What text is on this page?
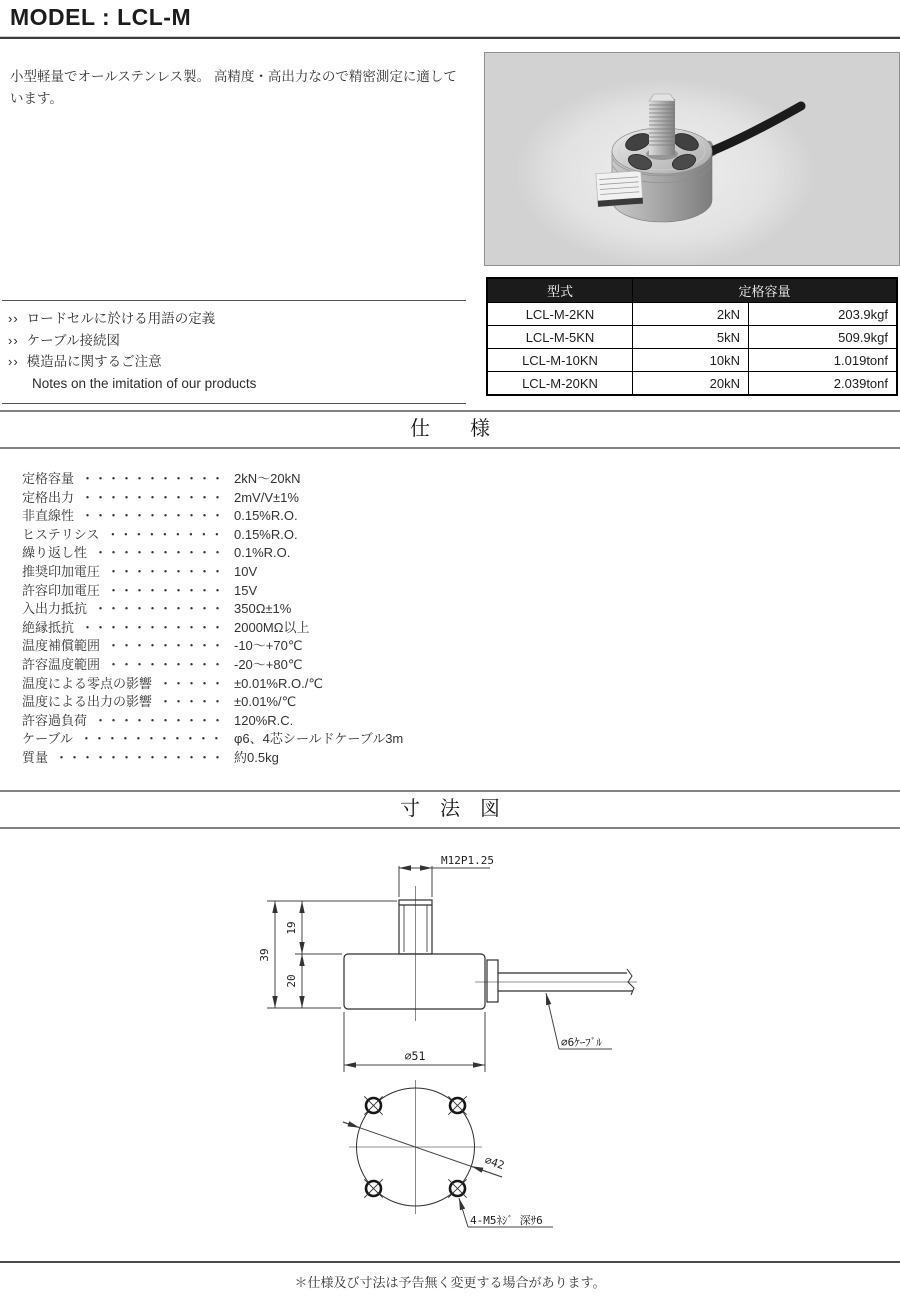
MODEL : LCL-M
小型軽量でオールステンレス製。 高精度・高出力なので精密測定に適しています。
›› ロードセルに於ける用語の定義
›› ケーブル接続図
›› 模造品に関するご注意
Notes on the imitation of our products
型式	定格容量	
LCL-M-2KN	2kN	203.9kgf
LCL-M-5KN	5kN	509.9kgf
LCL-M-10KN	10kN	1.019tonf
LCL-M-20KN	20kN	2.039tonf
仕　　様
定格容量 ・・・・・・・・・・・ 2kN〜20kN
定格出力 ・・・・・・・・・・・ 2mV/V±1%
非直線性 ・・・・・・・・・・・ 0.15%R.O.
ヒステリシス ・・・・・・・・・ 0.15%R.O.
繰り返し性 ・・・・・・・・・・ 0.1%R.O.
推奨印加電圧 ・・・・・・・・・ 10V
許容印加電圧 ・・・・・・・・・ 15V
入出力抵抗 ・・・・・・・・・・ 350Ω±1%
絶縁抵抗 ・・・・・・・・・・・ 2000MΩ以上
温度補償範囲 ・・・・・・・・・ -10〜+70℃
許容温度範囲 ・・・・・・・・・ -20〜+80℃
温度による零点の影響 ・・・・・ ±0.01%R.O./℃
温度による出力の影響 ・・・・・ ±0.01%/℃
許容過負荷 ・・・・・・・・・・ 120%R.C.
ケーブル ・・・・・・・・・・・ φ6、4芯シールドケーブル3m
質量 ・・・・・・・・・・・・・ 約0.5kg
寸　法　図
M12P1.25
39
19
20
∅51
∅6ｹｰﾌﾞﾙ
∅42
4-M5ﾈｼﾞ 深ｻ6
＊仕様及び寸法は予告無く変更する場合があります。
